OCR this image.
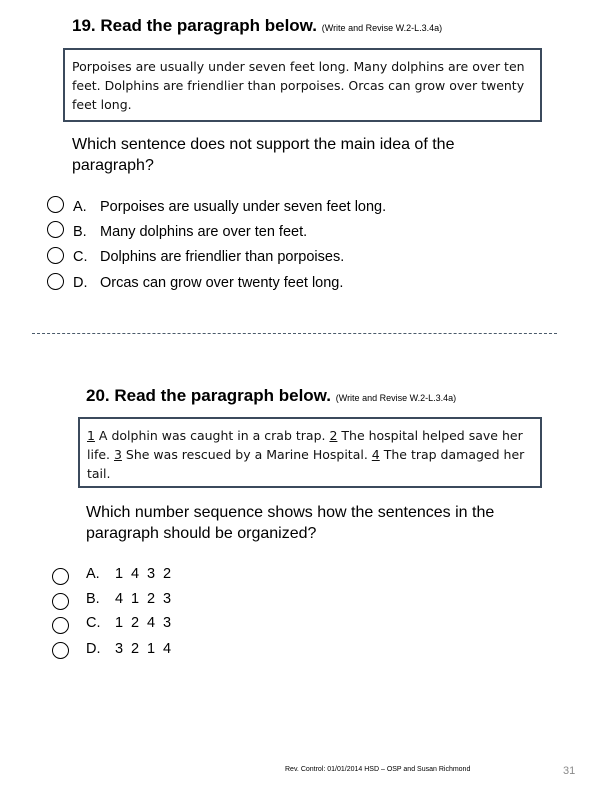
19. Read the paragraph below. (Write and Revise W.2-L.3.4a)
Porpoises are usually under seven feet long. Many dolphins are over ten feet. Dolphins are friendlier than porpoises. Orcas can grow over twenty feet long.
Which sentence does not support the main idea of the paragraph?
A. Porpoises are usually under seven feet long.
B. Many dolphins are over ten feet.
C. Dolphins are friendlier than porpoises.
D. Orcas can grow over twenty feet long.
20. Read the paragraph below. (Write and Revise W.2-L.3.4a)
1 A dolphin was caught in a crab trap. 2 The hospital helped save her life. 3 She was rescued by a Marine Hospital. 4 The trap damaged her tail.
Which number sequence shows how the sentences in the paragraph should be organized?
A. 1 4 3 2
B. 4 1 2 3
C. 1 2 4 3
D. 3 2 1 4
Rev. Control: 01/01/2014 HSD – OSP and Susan Richmond	31
